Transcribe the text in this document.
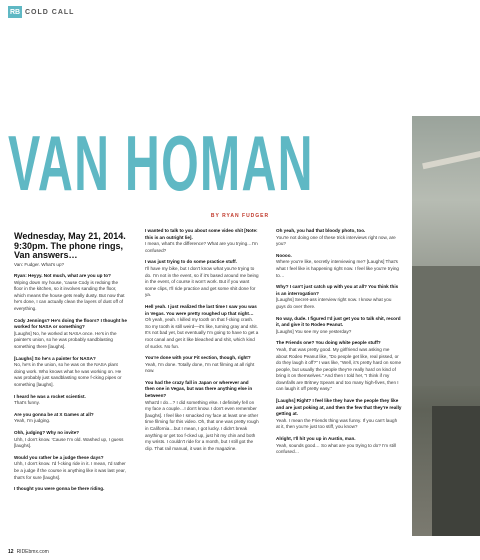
RB COLD CALL
VAN HOMAN
BY RYAN FUDGER
Wednesday, May 21, 2014. 9:30pm. The phone rings, Van answers…
Van: Fudger. What's up?
Ryan: Heyyy. Not much, what are you up to?
Wiping down my house, 'cause Cody is redoing the floor in the kitchen, so it involves sanding the floor, which means the house gets really dusty. But now that he's done, I can actually clean the layers of dust off of everything.
Cody Jennings? He's doing the floors? I thought he worked for NASA or something?
[Laughs] No, he worked at NASA once. He's in the painter's union, so he was probably sandblasting something there [laughs].
[Laughs] So he's a painter for NASA?
No, he's in the union, so he was on the NASA plant doing work. Who knows what he was working on. He was probably just sandblasting some f-cking pipes or something [laughs].
I heard he was a rocket scientist.
That's funny.
Are you gonna be at X Games at all?
Yeah, I'm judging.
Ohh, judging? Why no invite?
Uhh, I don't know. 'Cause I'm old. Washed up, I guess [laughs].
Would you rather be a judge these days?
Uhh, I don't know. I'd f-cking ride in it. I mean, I'd rather be a judge if the course is anything like it was last year, that's for sure [laughs].
I thought you were gonna be there riding.
I wanted to talk to you about some video shit [Note: this is an outright lie].
I mean, what's the difference? What are you trying…I'm confused?
I was just trying to do some practice stuff.
I'll have my bike, but I don't know what you're trying to do. I'm not in the event, so if it's based around me being in the event, of course it won't work. But if you want some clips, I'll ride practice and get some shit done for ya.
Hell yeah. I just realized the last time I saw you was in Vegas. You were pretty roughed up that night…
Oh yeah, yeah. I killed my tooth on that f-cking crash. So my tooth is still weird—it's like, turning gray and shit. It's not bad yet, but eventually I'm going to have to get a root canal and get it like bleached and shit, which kind of sucks. No fun.
You're done with your Fit section, though, right?
Yeah, I'm done. Totally done, I'm not filming at all right now.
You had the crazy fall in Japan or wherever and then one in Vegas, but was there anything else in between?
What'd I do…? I did something else. I definitely fell on my face a couple…I don't know. I don't even remember [laughs]. I feel like I smacked my face at least one other time filming for this video. Oh, that one was pretty rough in California…but I mean, I got lucky. I didn't break anything or get too f-cked up, just hit my chin and both my wrists. I couldn't ride for a month, but I still got the clip. That rail manual, it was in the magazine.
Oh yeah, you had that bloody photo, too.
You're not doing one of these trick interviews right now, are you?
Noooo.
Where you're like, secretly interviewing me? [Laughs] That's what I feel like is happening right now. I feel like you're trying to…
Why? I can't just catch up with you at all? You think this is an interrogation?
[Laughs] Secret-ass interview right now. I know what you guys do over there.
No way, dude. I figured I'd just get you to talk shit, record it, and give it to Rodeo Peanut.
[Laughs] You see my one yesterday?
The Friends one? You doing white people stuff?
Yeah, that was pretty good. My girlfriend was asking me about Rodeo Peanut like, "Do people get like, real pissed, or do they laugh it off?" I was like, "Well, it's pretty hard on some people, but usually the people they're really hard on kind of bring it on themselves." And then I told her, "I think if my downfalls are Britney Spears and too many high-fives, then I can laugh it off pretty easy."
[Laughs] Right? I feel like they have the people they like and are just poking at, and then the few that they're really getting at.
Yeah. I mean the Friends thing was funny. If you can't laugh at it, then you're just too stiff, you know?
Alright, I'll hit you up in Austin, man.
Yeah, sounds good… So what are you trying to do? I'm still confused…
12 RIDEbmx.com
